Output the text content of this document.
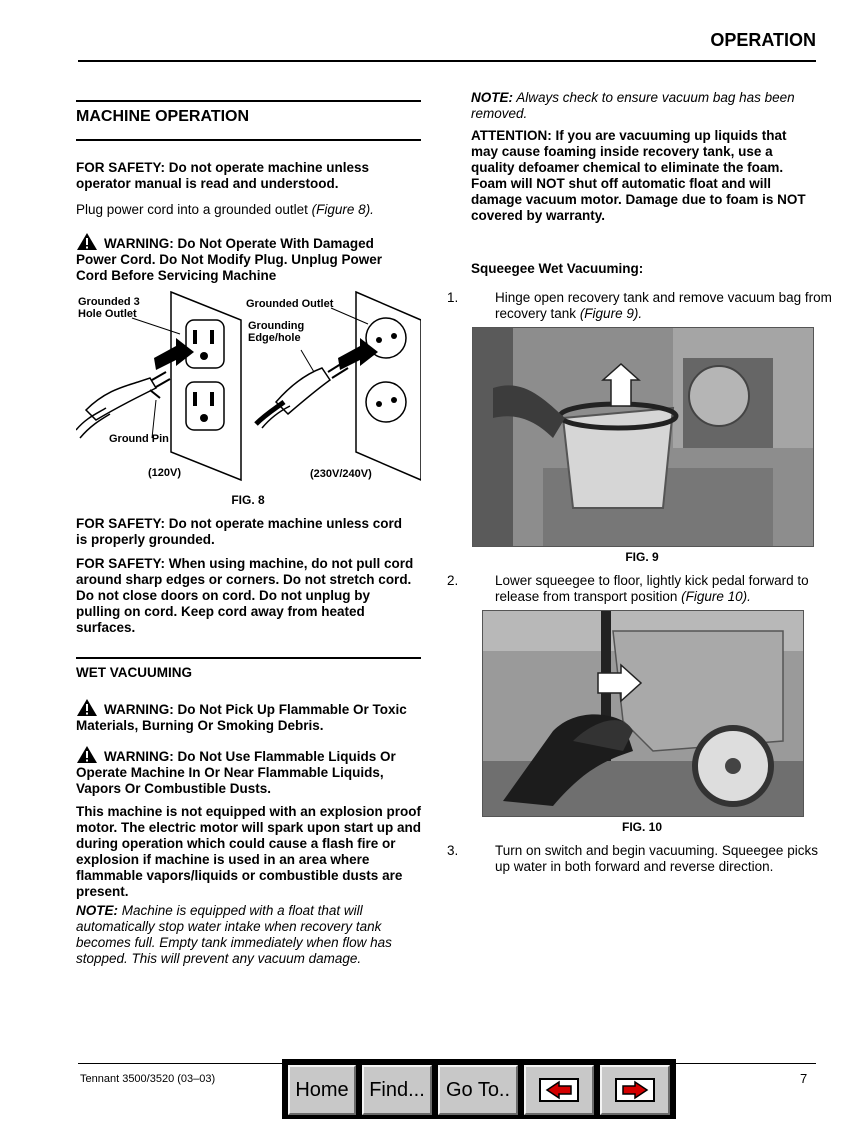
OPERATION
MACHINE OPERATION
FOR SAFETY: Do not operate machine unless operator manual is read and understood.
Plug power cord into a grounded outlet (Figure 8).
WARNING: Do Not Operate With Damaged Power Cord. Do Not Modify Plug. Unplug Power Cord Before Servicing Machine
Grounded 3 Hole Outlet
Grounded Outlet
Grounding Edge/hole
Ground Pin
(120V)	(230V/240V)
FIG. 8
FOR SAFETY: Do not operate machine unless cord is properly grounded.
FOR SAFETY: When using machine, do not pull cord around sharp edges or corners. Do not stretch cord. Do not close doors on cord. Do not unplug by pulling on cord. Keep cord away from heated surfaces.
WET VACUUMING
WARNING: Do Not Pick Up Flammable Or Toxic Materials, Burning Or Smoking Debris.
WARNING: Do Not Use Flammable Liquids Or Operate Machine In Or Near Flammable Liquids, Vapors Or Combustible Dusts.
This machine is not equipped with an explosion proof motor. The electric motor will spark upon start up and during operation which could cause a flash fire or explosion if machine is used in an area where flammable vapors/liquids or combustible dusts are present.
NOTE: Machine is equipped with a float that will automatically stop water intake when recovery tank becomes full. Empty tank immediately when flow has stopped. This will prevent any vacuum damage.
NOTE: Always check to ensure vacuum bag has been removed.
ATTENTION: If you are vacuuming up liquids that may cause foaming inside recovery tank, use a quality defoamer chemical to eliminate the foam. Foam will NOT shut off automatic float and will damage vacuum motor. Damage due to foam is NOT covered by warranty.
Squeegee Wet Vacuuming:
1.	Hinge open recovery tank and remove vacuum bag from recovery tank (Figure 9).
FIG. 9
2.	Lower squeegee to floor, lightly kick pedal forward to release from transport position (Figure 10).
FIG. 10
3.	Turn on switch and begin vacuuming. Squeegee picks up water in both forward and reverse direction.
Tennant 3500/3520 (03–03)	7
Home	Find...	Go To..
